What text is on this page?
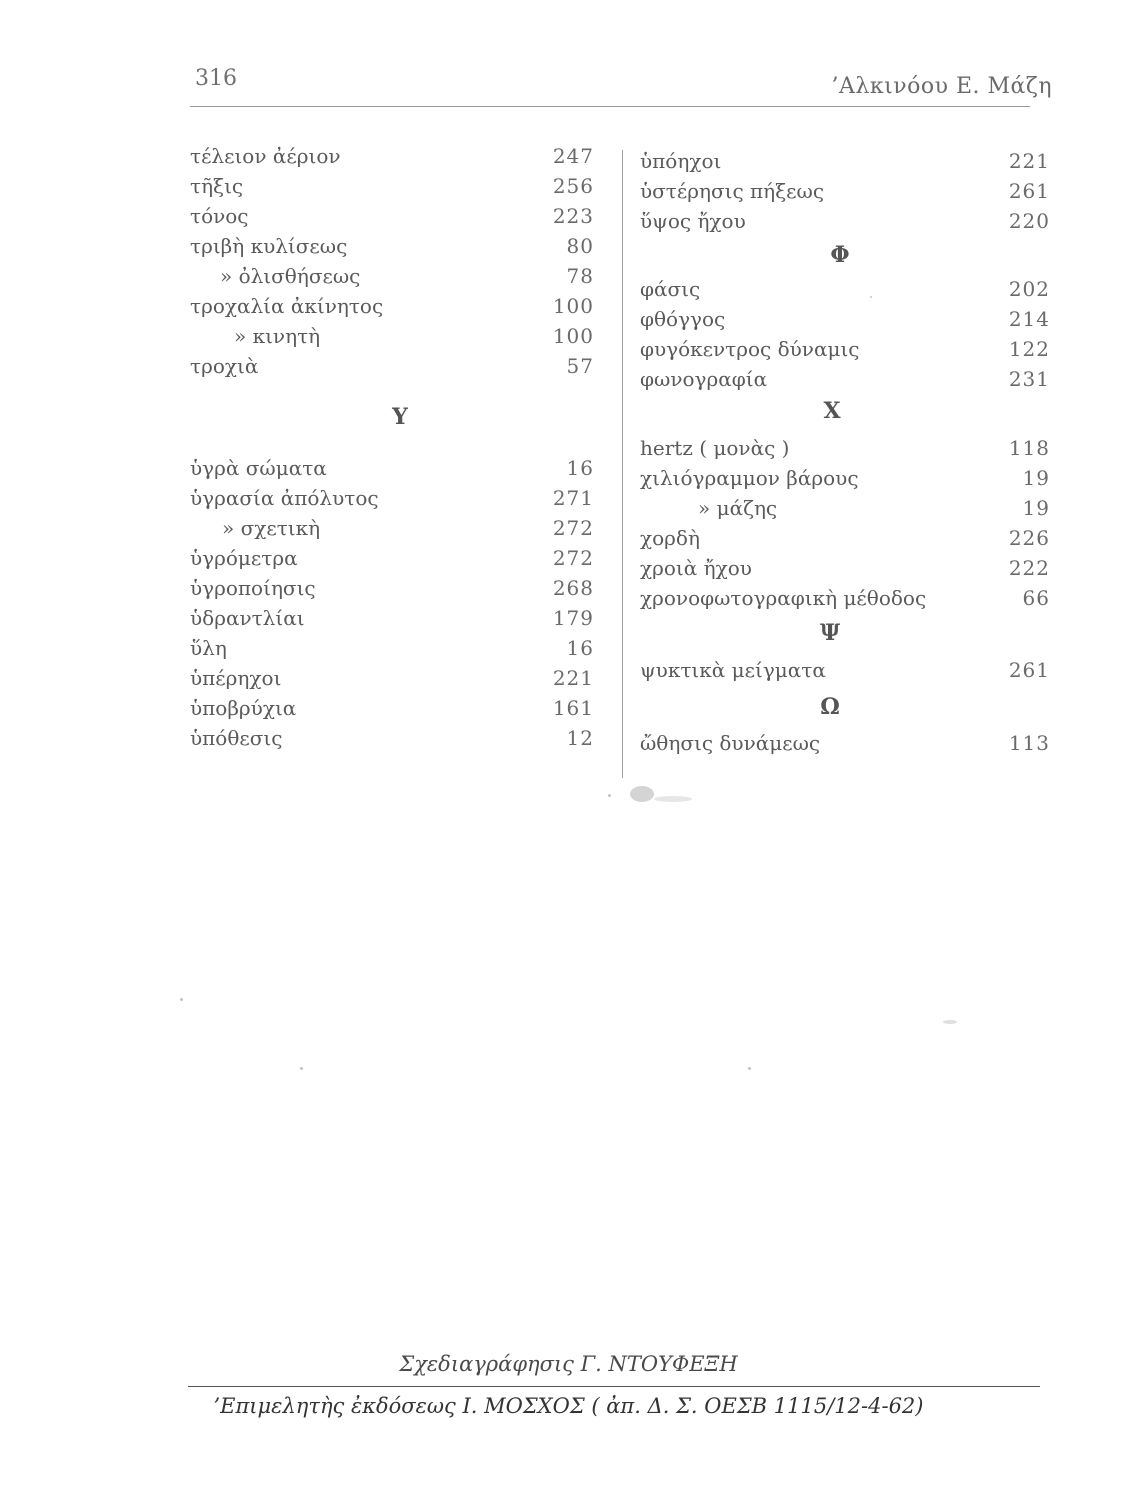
316	’Αλκινόου Ε. Μάζη
τέλειον ἀέριον	247
τῆξις	256
τόνος	223
τριβὴ κυλίσεως	80
» ὀλισθήσεως	78
τροχαλία ἀκίνητος	100
» κινητὴ	100
τροχιὰ	57
Υ
ὑγρὰ σώματα	16
ὑγρασία ἀπόλυτος	271
» σχετικὴ	272
ὑγρόμετρα	272
ὑγροποίησις	268
ὑδραντλίαι	179
ὕλη	16
ὑπέρηχοι	221
ὑποβρύχια	161
ὑπόθεσις	12
ὑπόηχοι	221
ὑστέρησις πήξεως	261
ὕψος ἤχου	220
Φ
φάσις	202
φθόγγος	214
φυγόκεντρος δύναμις	122
φωνογραφία	231
Χ
hertz ( μονὰς )	118
χιλιόγραμμον βάρους	19
» μάζης	19
χορδὴ	226
χροιὰ ἤχου	222
χρονοφωτογραφικὴ μέθοδος	66
Ψ
ψυκτικὰ μείγματα	261
Ω
ὤθησις δυνάμεως	113
Σχεδιαγράφησις Γ. ΝΤΟΥΦΕΞΗ
’Επιμελητὴς ἐκδόσεως Ι. ΜΟΣΧΟΣ ( ἀπ. Δ. Σ. ΟΕΣΒ 1115/12-4-62)
